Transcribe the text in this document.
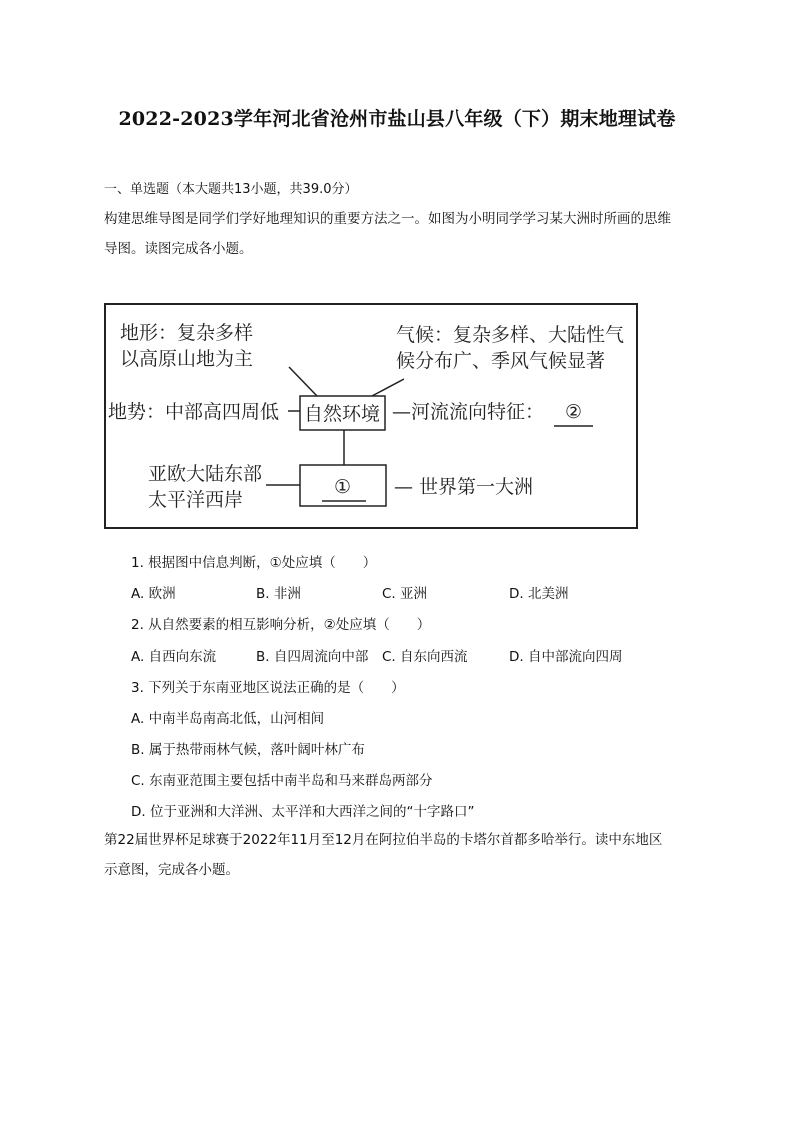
2022-2023学年河北省沧州市盐山县八年级（下）期末地理试卷
一、单选题（本大题共13小题，共39.0分）
构建思维导图是同学们学好地理知识的重要方法之一。如图为小明同学学习某大洲时所画的思维
导图。读图完成各小题。
地形：复杂多样
以高原山地为主
气候：复杂多样、大陆性气
候分布广、季风气候显著
地势：中部高四周低 自然环境 —河流流向特征： ②
亚欧大陆东部
太平洋西岸
① — 世界第一大洲
1. 根据图中信息判断，①处应填（　　）
A. 欧洲	B. 非洲	C. 亚洲	D. 北美洲
2. 从自然要素的相互影响分析，②处应填（　　）
A. 自西向东流	B. 自四周流向中部 C. 自东向西流	D. 自中部流向四周
3. 下列关于东南亚地区说法正确的是（　　）
A. 中南半岛南高北低，山河相间
B. 属于热带雨林气候，落叶阔叶林广布
C. 东南亚范围主要包括中南半岛和马来群岛两部分
D. 位于亚洲和大洋洲、太平洋和大西洋之间的“十字路口”
第22届世界杯足球赛于2022年11月至12月在阿拉伯半岛的卡塔尔首都多哈举行。读中东地区
示意图，完成各小题。
